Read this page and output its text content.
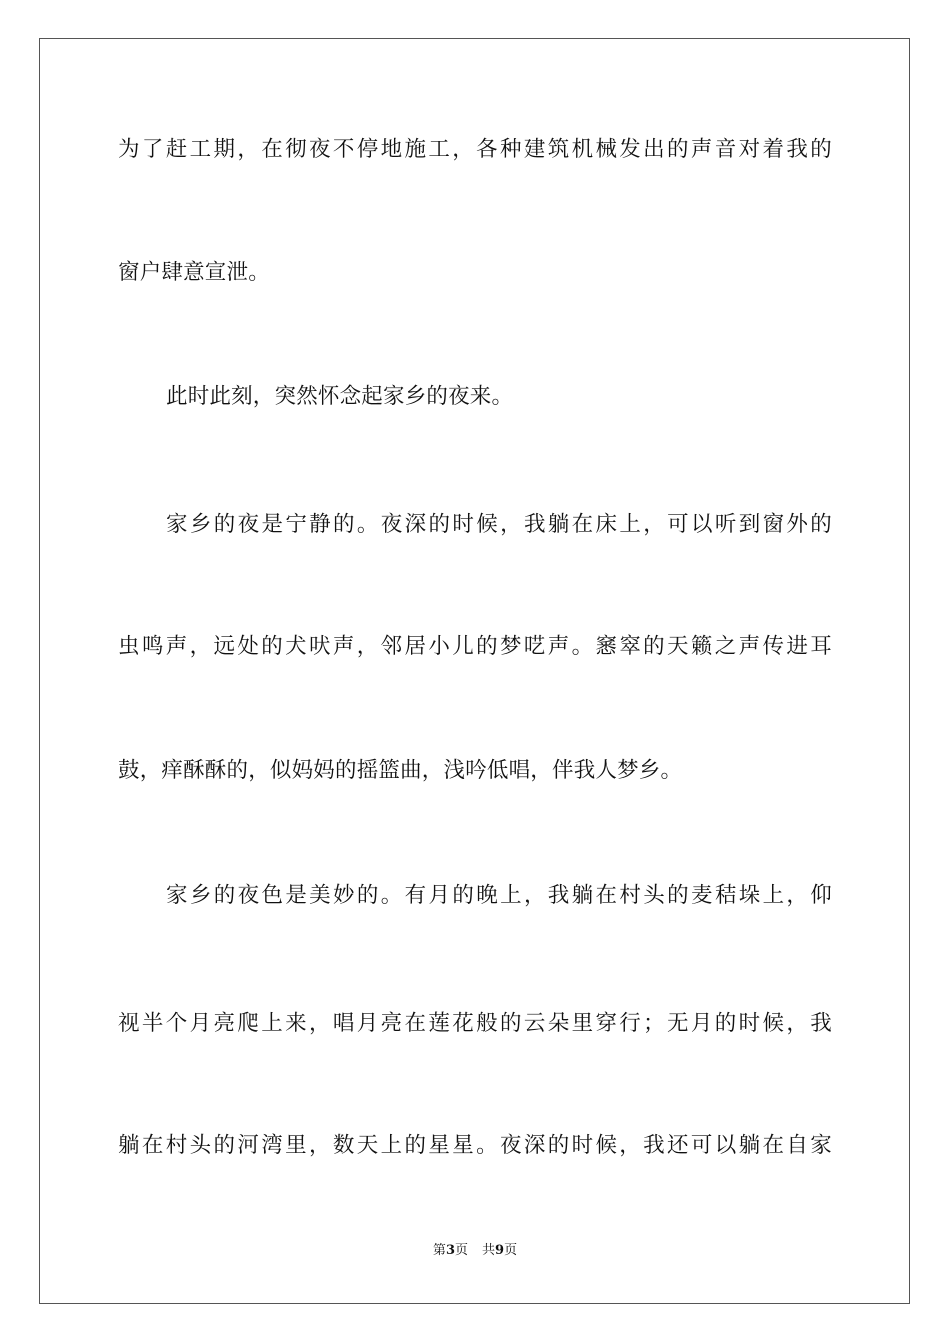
为了赶工期，在彻夜不停地施工，各种建筑机械发出的声音对着我的
窗户肆意宣泄。
此时此刻，突然怀念起家乡的夜来。
家乡的夜是宁静的。夜深的时候，我躺在床上，可以听到窗外的
虫鸣声，远处的犬吠声，邻居小儿的梦呓声。窸窣的天籁之声传进耳
鼓，痒酥酥的，似妈妈的摇篮曲，浅吟低唱，伴我人梦乡。
家乡的夜色是美妙的。有月的晚上，我躺在村头的麦秸垛上，仰
视半个月亮爬上来，唱月亮在莲花般的云朵里穿行；无月的时候，我
躺在村头的河湾里，数天上的星星。夜深的时候，我还可以躺在自家
第3页 共9页
